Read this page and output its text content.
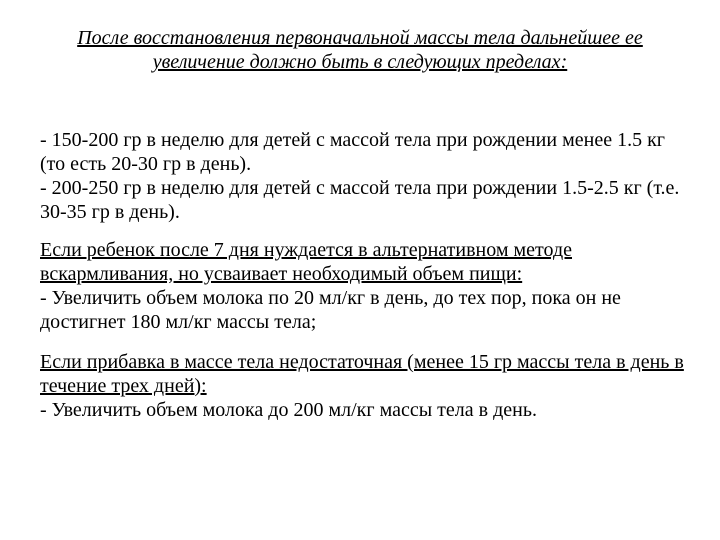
После восстановления первоначальной массы тела дальнейшее ее увеличение должно быть в следующих пределах:

- 150-200 гр в неделю для детей с массой тела при рождении менее 1.5 кг (то есть 20-30 гр в день).

- 200-250 гр в неделю для детей с массой тела при рождении 1.5-2.5 кг (т.е. 30-35 гр в день).

Если ребенок после 7 дня нуждается в альтернативном методе вскармливания, но усваивает необходимый объем пищи:

- Увеличить объем молока по 20 мл/кг в день, до тех пор, пока он не достигнет 180 мл/кг массы тела;

Если прибавка в массе тела недостаточная (менее 15 гр массы тела в день в течение трех дней):

- Увеличить объем молока до 200 мл/кг массы тела в день.
